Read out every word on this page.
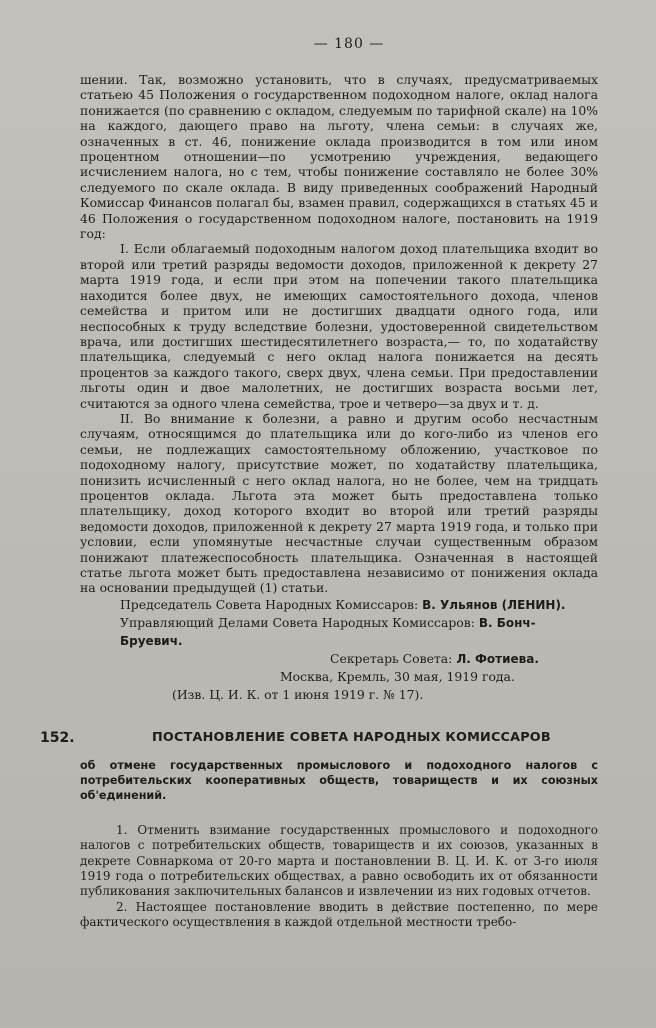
— 180 —

шении. Так, возможно установить, что в случаях, предусматриваемых статьею 45 Положения о государственном подоходном налоге, оклад налога понижается (по сравнению с окладом, следуемым по тарифной скале) на 10% на каждого, дающего право на льготу, члена семьи: в случаях же, означенных в ст. 46, понижение оклада производится в том или ином процентном отношении—по усмотрению учреждения, ведающего исчислением налога, но с тем, чтобы понижение составляло не более 30% следуемого по скале оклада. В виду приведенных соображений Народный Комиссар Финансов полагал бы, взамен правил, содержащихся в статьях 45 и 46 Положения о государственном подоходном налоге, постановить на 1919 год:

I. Если облагаемый подоходным налогом доход плательщика входит во второй или третий разряды ведомости доходов, приложенной к декрету 27 марта 1919 года, и если при этом на попечении такого плательщика находится более двух, не имеющих самостоятельного дохода, членов семейства и притом или не достигших двадцати одного года, или неспособных к труду вследствие болезни, удостоверенной свидетельством врача, или достигших шестидесятилетнего возраста,— то, по ходатайству плательщика, следуемый с него оклад налога понижается на десять процентов за каждого такого, сверх двух, члена семьи. При предоставлении льготы один и двое малолетних, не достигших возраста восьми лет, считаются за одного члена семейства, трое и четверо—за двух и т. д.

II. Во внимание к болезни, а равно и другим особо несчастным случаям, относящимся до плательщика или до кого-либо из членов его семьи, не подлежащих самостоятельному обложению, участковое по подоходному налогу, присутствие может, по ходатайству плательщика, понизить исчисленный с него оклад налога, но не более, чем на тридцать процентов оклада. Льгота эта может быть предоставлена только плательщику, доход которого входит во второй или третий разряды ведомости доходов, приложенной к декрету 27 марта 1919 года, и только при условии, если упомянутые несчастные случаи существенным образом понижают платежеспособность плательщика. Означенная в настоящей статье льгота может быть предоставлена независимо от понижения оклада на основании предыдущей (1) статьи.

Председатель Совета Народных Комиссаров: В. Ульянов (ЛЕНИН).

Управляющий Делами Совета Народных Комиссаров: В. Бонч-Бруевич.

Секретарь Совета: Л. Фотиева.

Москва, Кремль, 30 мая, 1919 года.

(Изв. Ц. И. К. от 1 июня 1919 г. № 17).

152.	ПОСТАНОВЛЕНИЕ СОВЕТА НАРОДНЫХ КОМИССАРОВ

об отмене государственных промыслового и подоходного налогов с потребительских кооперативных обществ, товариществ и их союзных об'единений.

1. Отменить взимание государственных промыслового и подоходного налогов с потребительских обществ, товариществ и их союзов, указанных в декрете Совнаркома от 20-го марта и постановлении В. Ц. И. К. от 3-го июля 1919 года о потребительских обществах, а равно освободить их от обязанности публикования заключительных балансов и извлечении из них годовых отчетов.

2. Настоящее постановление вводить в действие постепенно, по мере фактического осуществления в каждой отдельной местности требо-
